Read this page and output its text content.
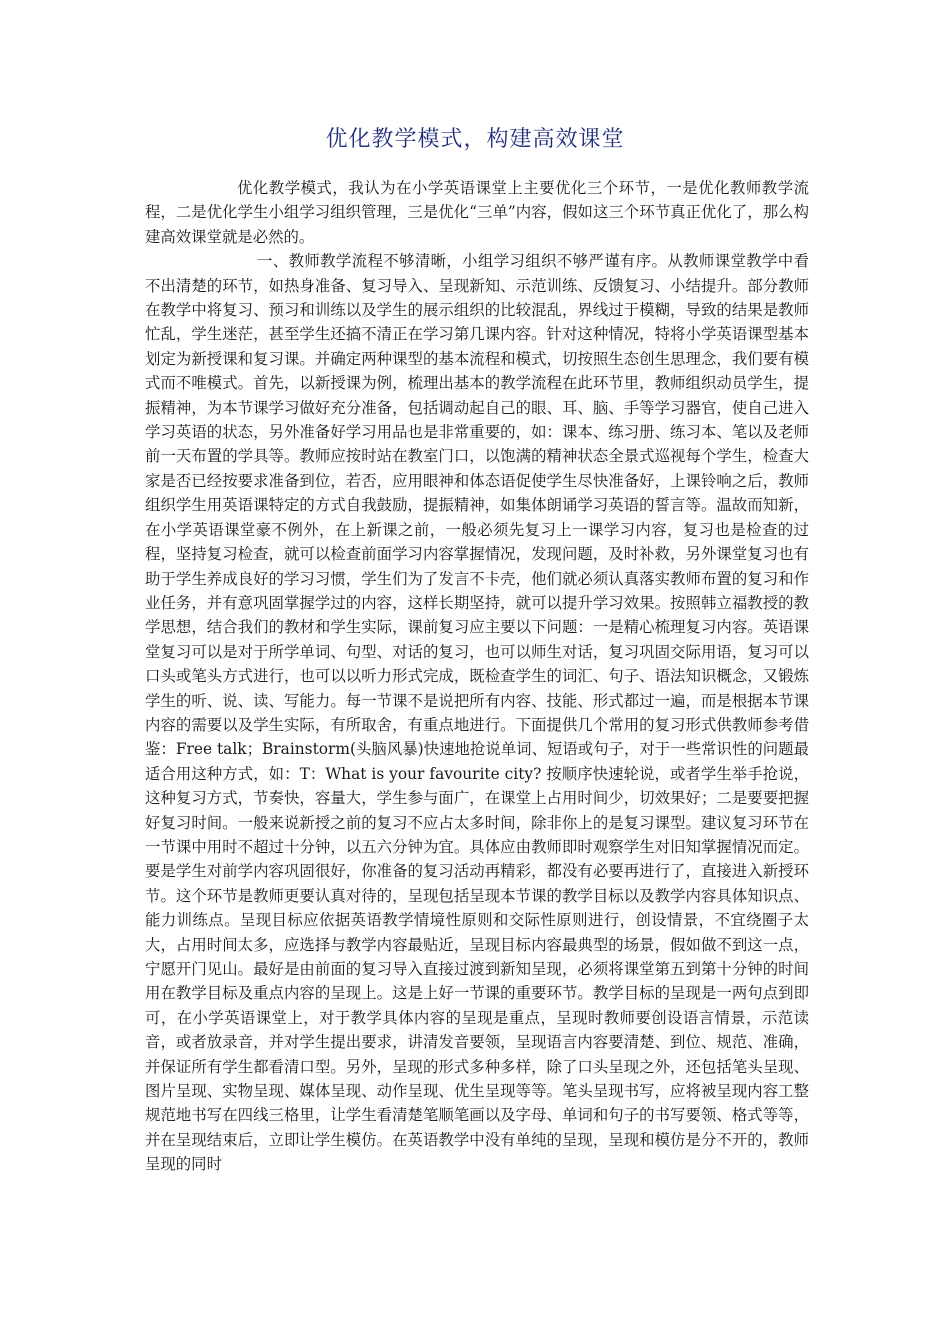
优化教学模式，构建高效课堂

优化教学模式，我认为在小学英语课堂上主要优化三个环节，一是优化教师教学流程，二是优化学生小组学习组织管理，三是优化“三单”内容，假如这三个环节真正优化了，那么构建高效课堂就是必然的。

一、教师教学流程不够清晰，小组学习组织不够严谨有序。从教师课堂教学中看不出清楚的环节，如热身准备、复习导入、呈现新知、示范训练、反馈复习、小结提升。部分教师在教学中将复习、预习和训练以及学生的展示组织的比较混乱，界线过于模糊，导致的结果是教师忙乱，学生迷茫，甚至学生还搞不清正在学习第几课内容。针对这种情况，特将小学英语课型基本划定为新授课和复习课。并确定两种课型的基本流程和模式，切按照生态创生思理念，我们要有模式而不唯模式。首先，以新授课为例，梳理出基本的教学流程在此环节里，教师组织动员学生，提振精神，为本节课学习做好充分准备，包括调动起自己的眼、耳、脑、手等学习器官，使自己进入学习英语的状态，另外准备好学习用品也是非常重要的，如：课本、练习册、练习本、笔以及老师前一天布置的学具等。教师应按时站在教室门口，以饱满的精神状态全景式巡视每个学生，检查大家是否已经按要求准备到位，若否，应用眼神和体态语促使学生尽快准备好，上课铃响之后，教师组织学生用英语课特定的方式自我鼓励，提振精神，如集体朗诵学习英语的誓言等。温故而知新，在小学英语课堂豪不例外，在上新课之前，一般必须先复习上一课学习内容，复习也是检查的过程，坚持复习检查，就可以检查前面学习内容掌握情况，发现问题，及时补救，另外课堂复习也有助于学生养成良好的学习习惯，学生们为了发言不卡壳，他们就必须认真落实教师布置的复习和作业任务，并有意巩固掌握学过的内容，这样长期坚持，就可以提升学习效果。按照韩立福教授的教学思想，结合我们的教材和学生实际，课前复习应主要以下问题：一是精心梳理复习内容。英语课堂复习可以是对于所学单词、句型、对话的复习，也可以师生对话，复习巩固交际用语，复习可以口头或笔头方式进行，也可以以听力形式完成，既检查学生的词汇、句子、语法知识概念，又锻炼学生的听、说、读、写能力。每一节课不是说把所有内容、技能、形式都过一遍，而是根据本节课内容的需要以及学生实际，有所取舍，有重点地进行。下面提供几个常用的复习形式供教师参考借鉴：Free talk；Brainstorm(头脑风暴)快速地抢说单词、短语或句子，对于一些常识性的问题最适合用这种方式，如：T：What is your favourite city? 按顺序快速轮说，或者学生举手抢说，这种复习方式，节奏快，容量大，学生参与面广，在课堂上占用时间少，切效果好；二是要要把握好复习时间。一般来说新授之前的复习不应占太多时间，除非你上的是复习课型。建议复习环节在一节课中用时不超过十分钟，以五六分钟为宜。具体应由教师即时观察学生对旧知掌握情况而定。要是学生对前学内容巩固很好，你准备的复习活动再精彩，都没有必要再进行了，直接进入新授环节。这个环节是教师更要认真对待的，呈现包括呈现本节课的教学目标以及教学内容具体知识点、能力训练点。呈现目标应依据英语教学情境性原则和交际性原则进行，创设情景，不宜绕圈子太大，占用时间太多，应选择与教学内容最贴近，呈现目标内容最典型的场景，假如做不到这一点，宁愿开门见山。最好是由前面的复习导入直接过渡到新知呈现，必须将课堂第五到第十分钟的时间用在教学目标及重点内容的呈现上。这是上好一节课的重要环节。教学目标的呈现是一两句点到即可，在小学英语课堂上，对于教学具体内容的呈现是重点，呈现时教师要创设语言情景，示范读音，或者放录音，并对学生提出要求，讲清发音要领，呈现语言内容要清楚、到位、规范、准确，并保证所有学生都看清口型。另外，呈现的形式多种多样，除了口头呈现之外，还包括笔头呈现、图片呈现、实物呈现、媒体呈现、动作呈现、优生呈现等等。笔头呈现书写，应将被呈现内容工整规范地书写在四线三格里，让学生看清楚笔顺笔画以及字母、单词和句子的书写要领、格式等等，并在呈现结束后，立即让学生模仿。在英语教学中没有单纯的呈现，呈现和模仿是分不开的，教师呈现的同时
